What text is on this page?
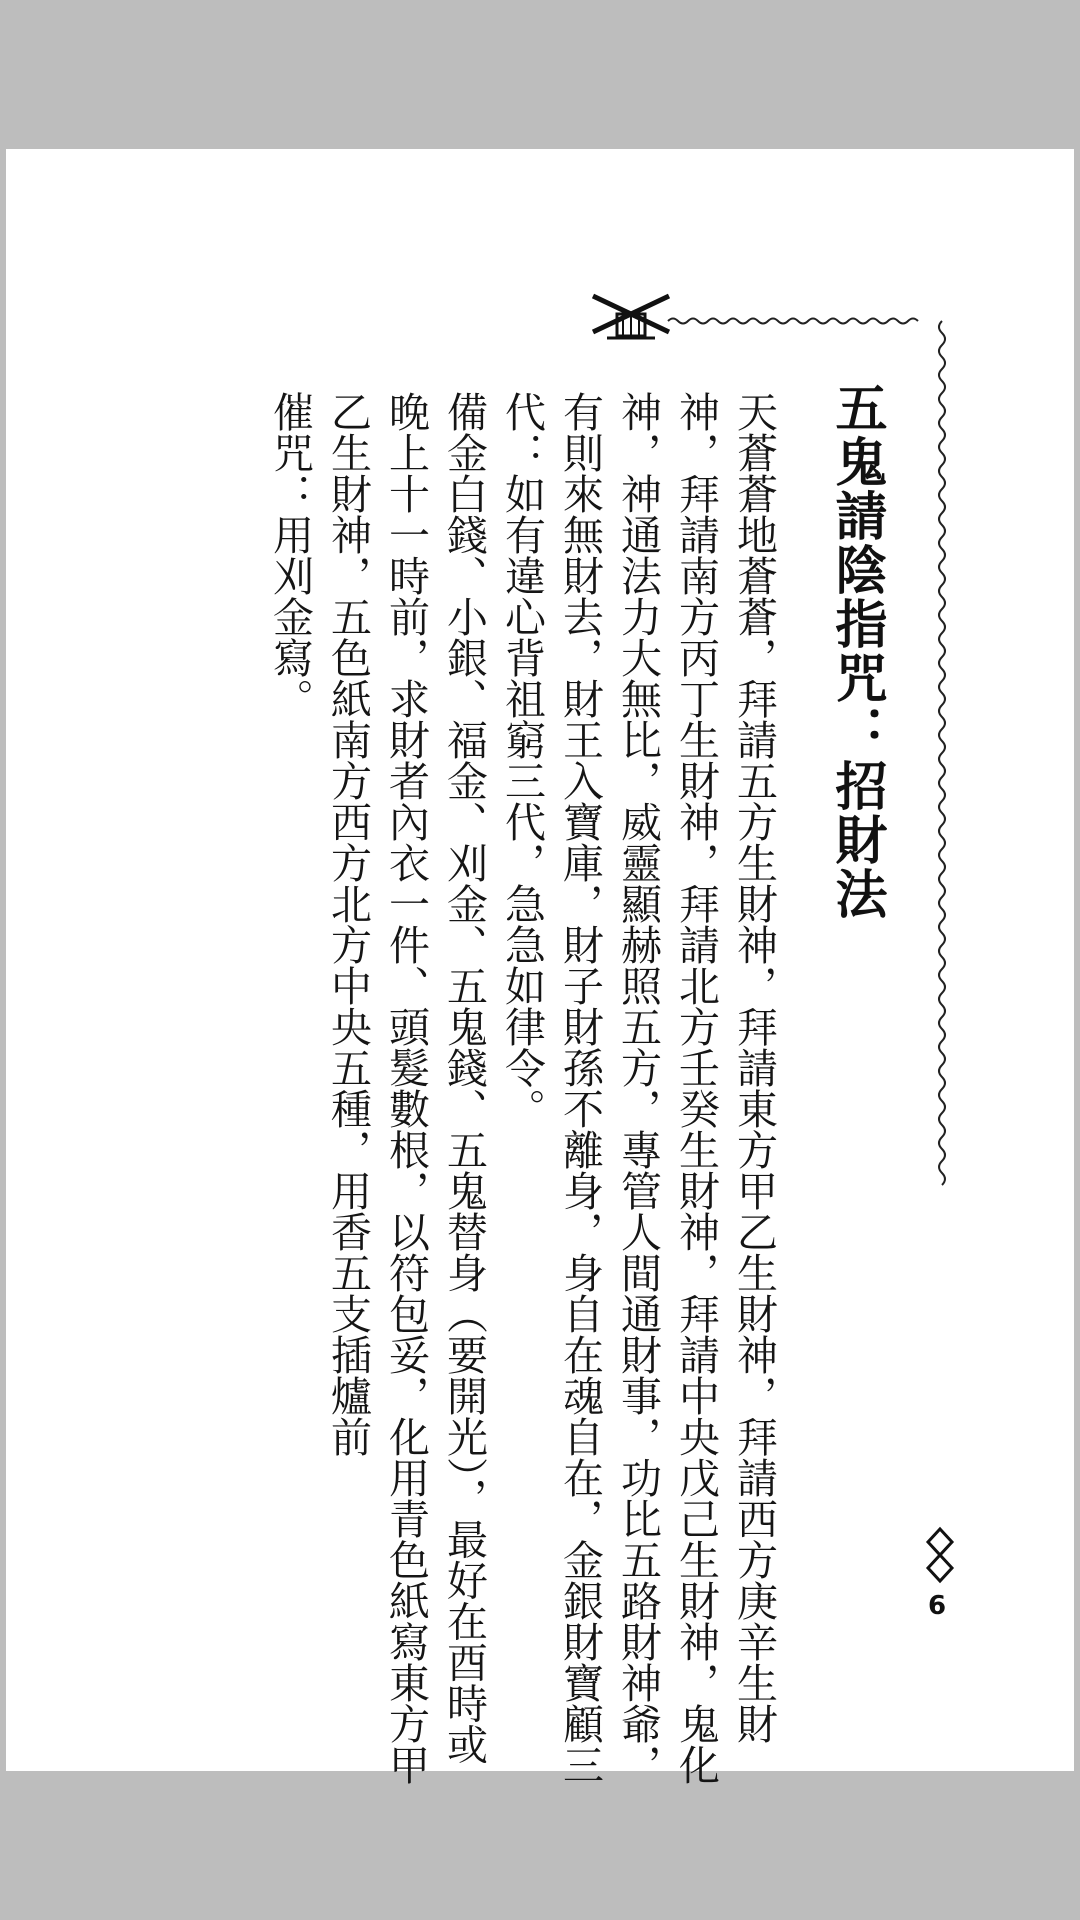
五鬼請陰指咒：招財法
天蒼蒼地蒼蒼，拜請五方生財神，拜請東方甲乙生財神，拜請西方庚辛生財
神，拜請南方丙丁生財神，拜請北方壬癸生財神，拜請中央戊己生財神，鬼化
神，神通法力大無比，威靈顯赫照五方，專管人間通財事，功比五路財神爺，
有則來無財去，財王入寶庫，財子財孫不離身，身自在魂自在，金銀財寶顧三
代：如有違心背祖窮三代，急急如律令。
備金白錢、小銀、福金、刈金、五鬼錢、五鬼替身（要開光），最好在酉時或
晚上十一時前，求財者內衣一件、頭髮數根，以符包妥，化用青色紙寫東方甲
乙生財神，五色紙南方西方北方中央五種，用香五支插爐前
催咒：用刈金寫。
6
